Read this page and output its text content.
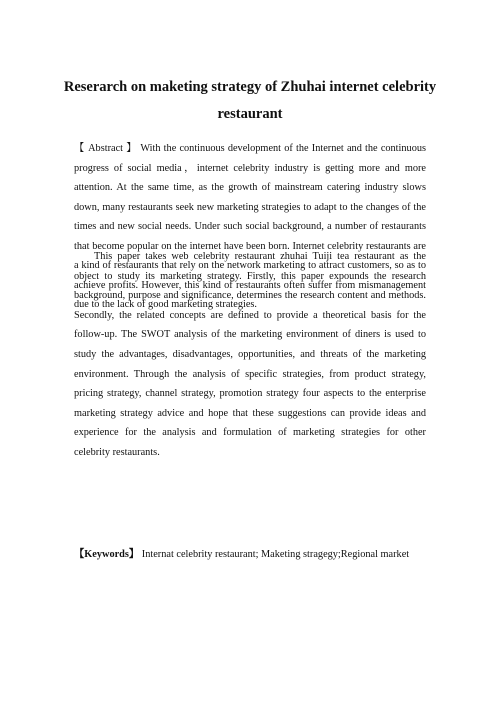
Reserarch on maketing strategy of Zhuhai internet celebrity restaurant
【 Abstract 】 With the continuous development of the Internet and the continuous progress of social media，internet celebrity industry is getting more and more attention. At the same time, as the growth of mainstream catering industry slows down, many restaurants seek new marketing strategies to adapt to the changes of the times and new social needs. Under such social background, a number of restaurants that become popular on the internet have been born. Internet celebrity restaurants are a kind of restaurants that rely on the network marketing to attract customers, so as to achieve profits. However, this kind of restaurants often suffer from mismanagement due to the lack of good marketing strategies.
This paper takes web celebrity restaurant zhuhai Tuiji tea restaurant as the object to study its marketing strategy. Firstly, this paper expounds the research background, purpose and significance, determines the research content and methods. Secondly, the related concepts are defined to provide a theoretical basis for the follow-up. The SWOT analysis of the marketing environment of diners is used to study the advantages, disadvantages, opportunities, and threats of the marketing environment. Through the analysis of specific strategies, from product strategy, pricing strategy, channel strategy, promotion strategy four aspects to the enterprise marketing strategy advice and hope that these suggestions can provide ideas and experience for the analysis and formulation of marketing strategies for other celebrity restaurants.
【Keywords】 Internat celebrity restaurant; Maketing stragegy;Regional market
